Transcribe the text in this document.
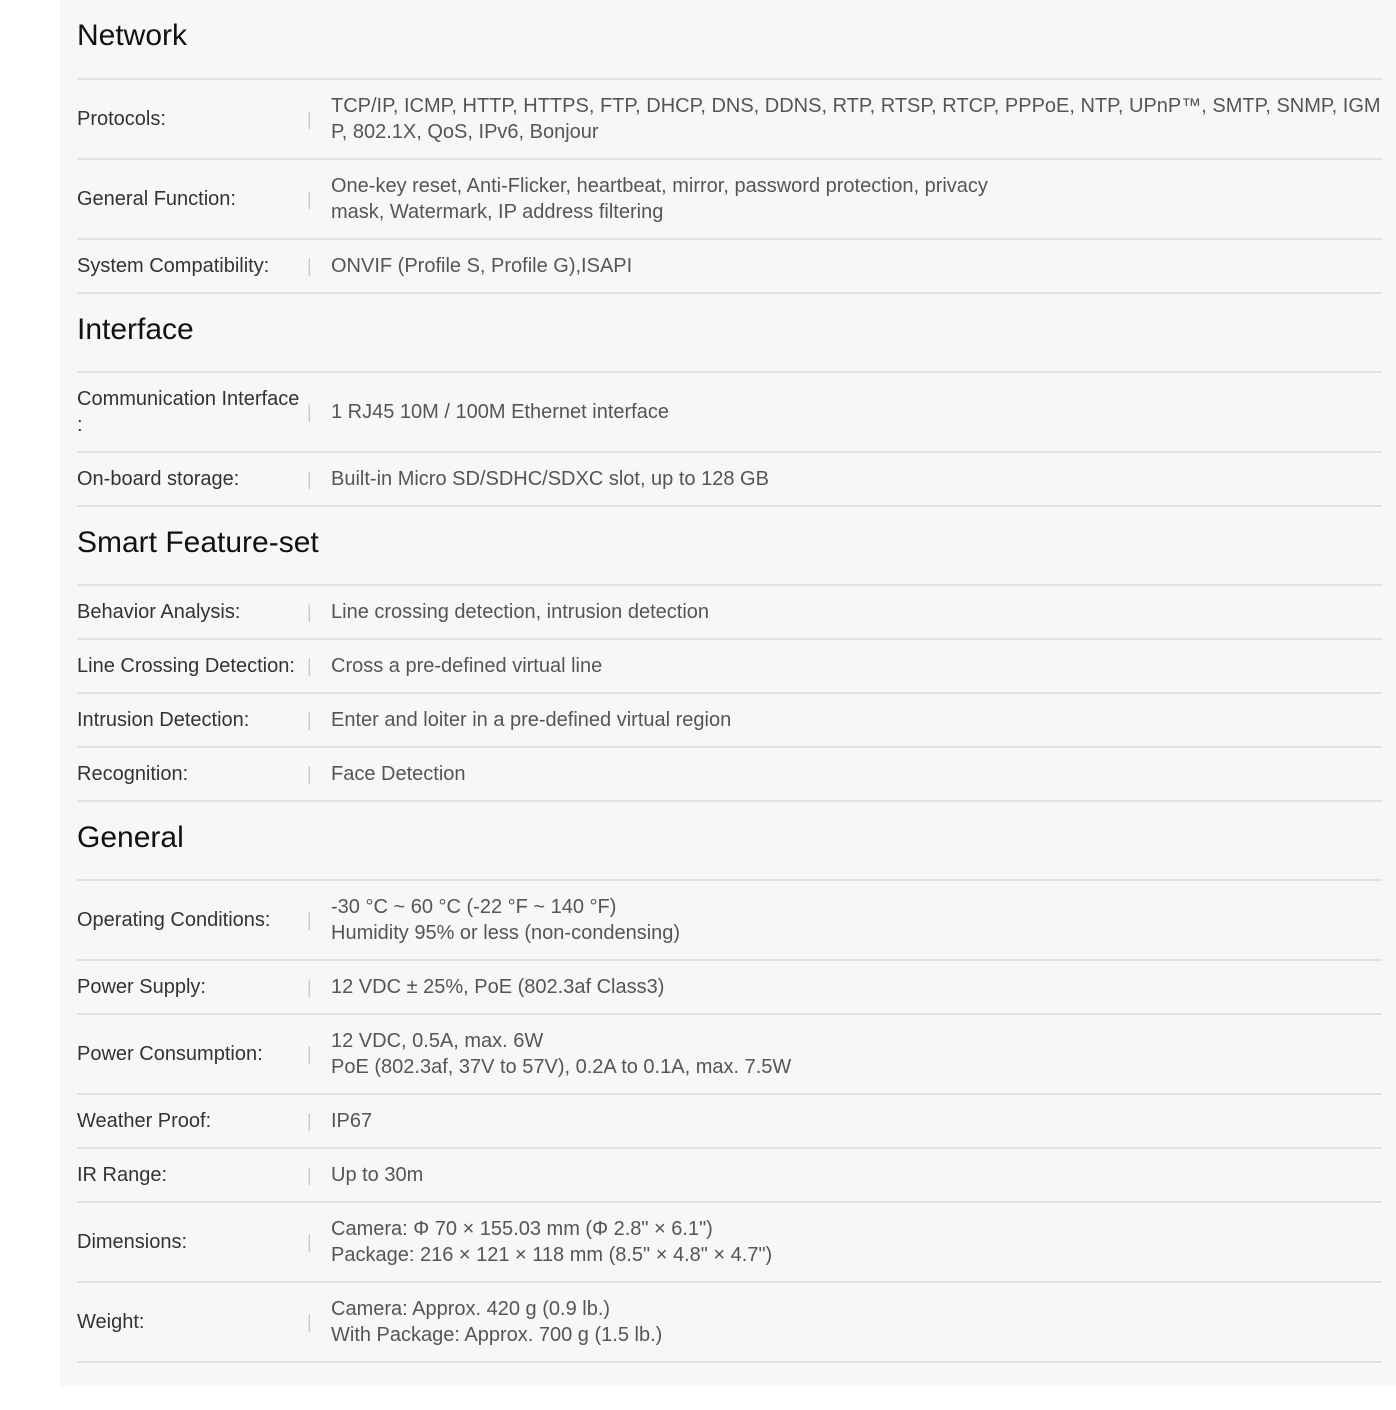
Network
Protocols:	|
TCP/IP, ICMP, HTTP, HTTPS, FTP, DHCP, DNS, DDNS, RTP, RTSP, RTCP, PPPoE, NTP, UPnP™, SMTP, SNMP, IGMP, 802.1X, QoS, IPv6, Bonjour
General Function:	|
One-key reset, Anti-Flicker, heartbeat, mirror, password protection, privacy mask, Watermark, IP address filtering
System Compatibility:	| ONVIF (Profile S, Profile G),ISAPI
Interface
Communication Interface
:
| 1 RJ45 10M / 100M Ethernet interface
On-board storage:	| Built-in Micro SD/SDHC/SDXC slot, up to 128 GB
Smart Feature-set
Behavior Analysis:	| Line crossing detection, intrusion detection
Line Crossing Detection: | Cross a pre-defined virtual line
Intrusion Detection:	| Enter and loiter in a pre-defined virtual region
Recognition:	| Face Detection
General
Operating Conditions:	|
-30 °C ~ 60 °C (-22 °F ~ 140 °F)
Humidity 95% or less (non-condensing)
Power Supply:	| 12 VDC ± 25%, PoE (802.3af Class3)
Power Consumption:	|
12 VDC, 0.5A, max. 6W
PoE (802.3af, 37V to 57V), 0.2A to 0.1A, max. 7.5W
Weather Proof:	| IP67
IR Range:	| Up to 30m
Dimensions:	|
Camera: Φ 70 × 155.03 mm (Φ 2.8" × 6.1")
Package: 216 × 121 × 118 mm (8.5" × 4.8" × 4.7")
Weight:	|
Camera: Approx. 420 g (0.9 lb.)
With Package: Approx. 700 g (1.5 lb.)
